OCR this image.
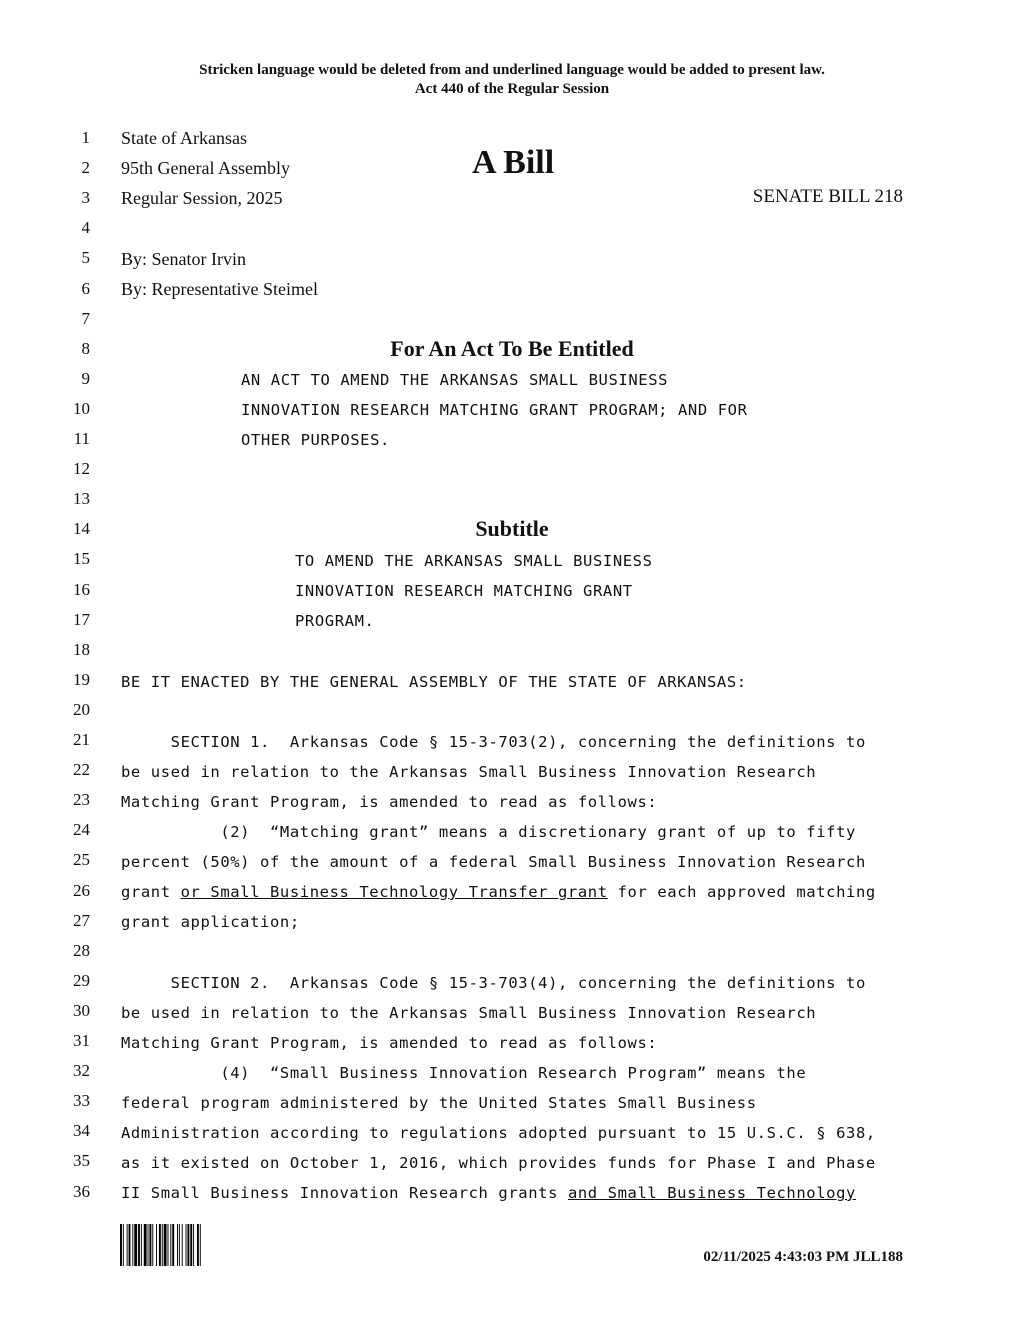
Stricken language would be deleted from and underlined language would be added to present law.
Act 440 of the Regular Session
1
2
3
4
5
6
7
8
9
10
11
12
13
14
15
16
17
18
19
20
21
22
23
24
25
26
27
28
29
30
31
32
33
34
35
36
State of Arkansas
95th General Assembly	A Bill
Regular Session, 2025	SENATE BILL 218
By: Senator Irvin
By: Representative Steimel
For An Act To Be Entitled
AN ACT TO AMEND THE ARKANSAS SMALL BUSINESS
INNOVATION RESEARCH MATCHING GRANT PROGRAM; AND FOR
OTHER PURPOSES.
Subtitle
TO AMEND THE ARKANSAS SMALL BUSINESS
INNOVATION RESEARCH MATCHING GRANT
PROGRAM.
BE IT ENACTED BY THE GENERAL ASSEMBLY OF THE STATE OF ARKANSAS:
SECTION 1.  Arkansas Code § 15-3-703(2), concerning the definitions to
be used in relation to the Arkansas Small Business Innovation Research
Matching Grant Program, is amended to read as follows:
(2)  “Matching grant” means a discretionary grant of up to fifty
percent (50%) of the amount of a federal Small Business Innovation Research
grant or Small Business Technology Transfer grant for each approved matching
grant application;
SECTION 2.  Arkansas Code § 15-3-703(4), concerning the definitions to
be used in relation to the Arkansas Small Business Innovation Research
Matching Grant Program, is amended to read as follows:
(4)  “Small Business Innovation Research Program” means the
federal program administered by the United States Small Business
Administration according to regulations adopted pursuant to 15 U.S.C. § 638,
as it existed on October 1, 2016, which provides funds for Phase I and Phase
II Small Business Innovation Research grants and Small Business Technology
02/11/2025 4:43:03 PM JLL188
